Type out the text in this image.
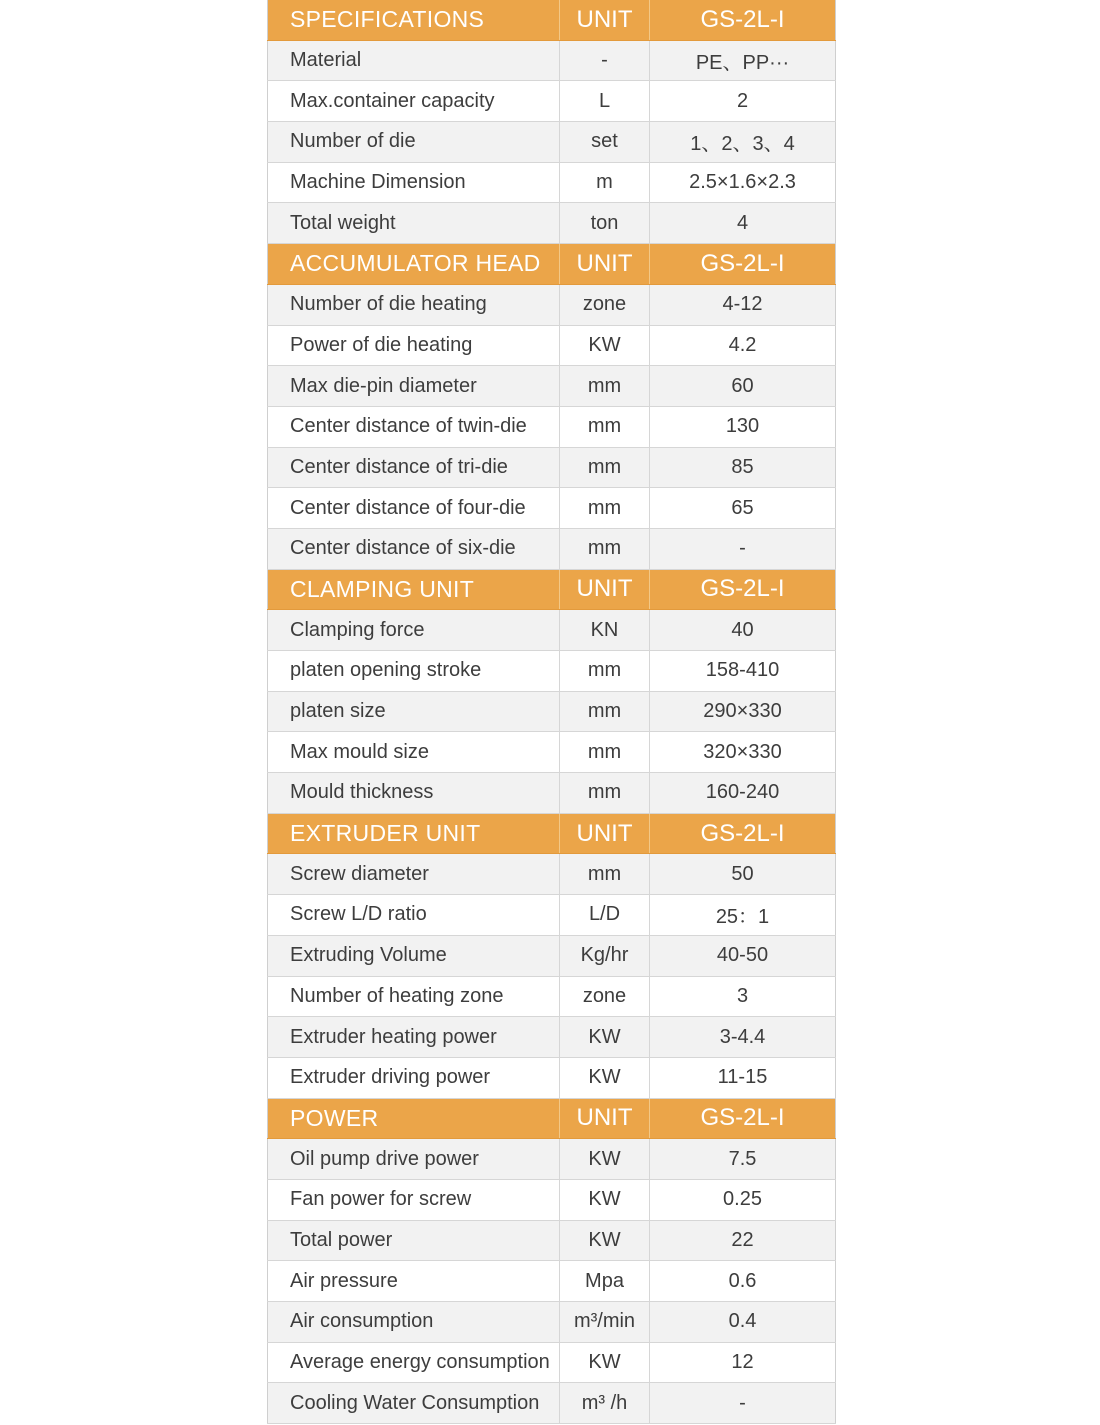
SPECIFICATIONS	UNIT	GS-2L-I
Material	-	PE、PP···
Max.container capacity	L	2
Number of die	set	1、2、3、4
Machine Dimension	m	2.5×1.6×2.3
Total weight	ton	4
ACCUMULATOR HEAD	UNIT	GS-2L-I
Number of die heating	zone	4-12
Power of die heating	KW	4.2
Max die-pin diameter	mm	60
Center distance of twin-die	mm	130
Center distance of tri-die	mm	85
Center distance of four-die	mm	65
Center distance of six-die	mm	-
CLAMPING UNIT	UNIT	GS-2L-I
Clamping force	KN	40
platen opening stroke	mm	158-410
platen size	mm	290×330
Max mould size	mm	320×330
Mould thickness	mm	160-240
EXTRUDER UNIT	UNIT	GS-2L-I
Screw diameter	mm	50
Screw L/D ratio	L/D	25：1
Extruding Volume	Kg/hr	40-50
Number of heating zone	zone	3
Extruder heating power	KW	3-4.4
Extruder driving power	KW	11-15
POWER	UNIT	GS-2L-I
Oil pump drive power	KW	7.5
Fan power for screw	KW	0.25
Total power	KW	22
Air pressure	Mpa	0.6
Air consumption	m³/min	0.4
Average energy consumption	KW	12
Cooling Water Consumption	m³ /h	-
